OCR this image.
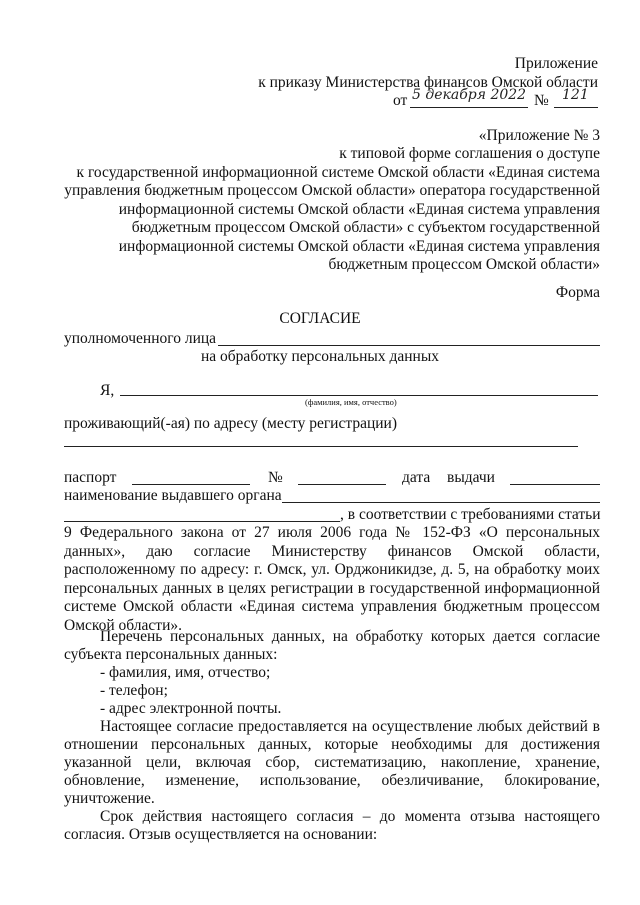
Приложение
к приказу Министерства финансов Омской области
от 5 декабря 2022 № 121
«Приложение № 3
к типовой форме соглашения о доступе
к государственной информационной системе Омской области «Единая система
управления бюджетным процессом Омской области» оператора государственной
информационной системы Омской области «Единая система управления
бюджетным процессом Омской области» с субъектом государственной
информационной системы Омской области «Единая система управления
бюджетным процессом Омской области»
Форма
СОГЛАСИЕ
уполномоченного лица
на обработку персональных данных
Я,
(фамилия, имя, отчество)
проживающий(-ая) по адресу (месту регистрации)
паспорт	№	дата выдачи
наименование выдавшего органа
, в соответствии с требованиями статьи
9 Федерального закона от 27 июля 2006 года № 152-ФЗ «О персональных
данных», даю согласие Министерству финансов Омской области,
расположенному по адресу: г. Омск, ул. Орджоникидзе, д. 5, на обработку моих
персональных данных в целях регистрации в государственной информационной
системе Омской области «Единая система управления бюджетным процессом
Омской области».
Перечень персональных данных, на обработку которых дается согласие
субъекта персональных данных:
- фамилия, имя, отчество;
- телефон;
- адрес электронной почты.
Настоящее согласие предоставляется на осуществление любых действий в
отношении персональных данных, которые необходимы для достижения
указанной цели, включая сбор, систематизацию, накопление, хранение,
обновление, изменение, использование, обезличивание, блокирование,
уничтожение.
Срок действия настоящего согласия – до момента отзыва настоящего
согласия. Отзыв осуществляется на основании:
